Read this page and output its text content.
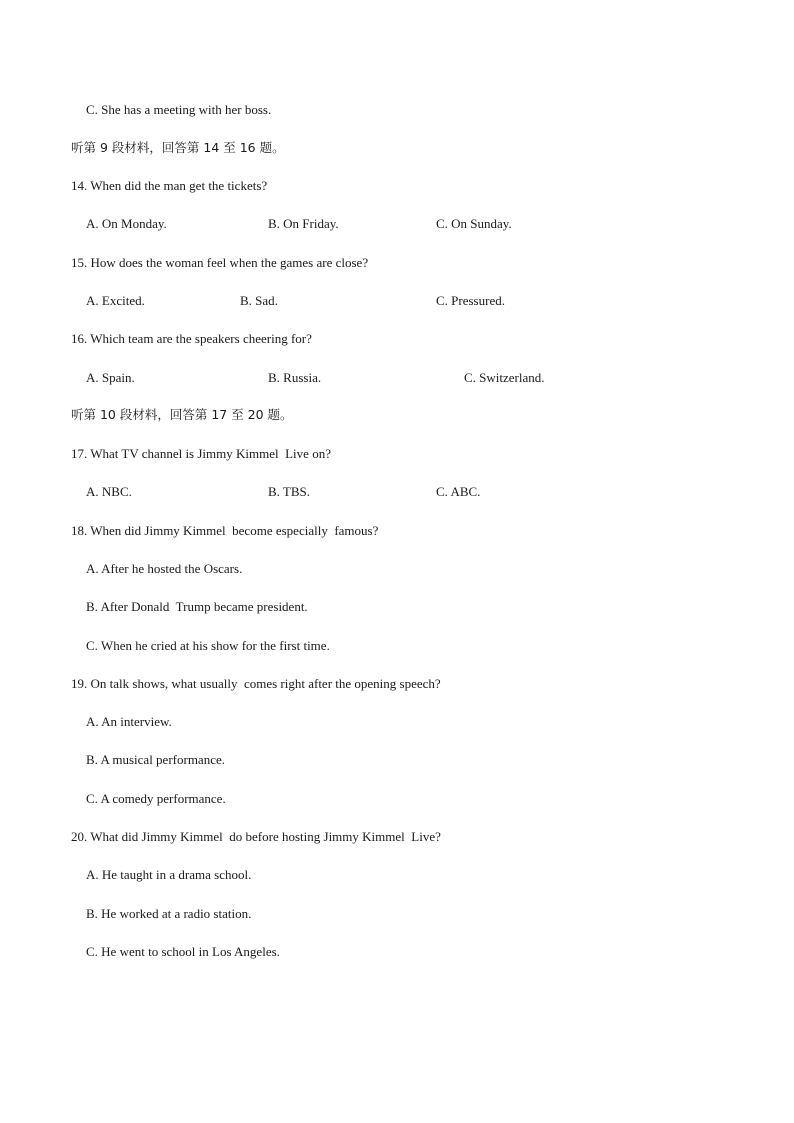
C. She has a meeting with her boss.
听第 9 段材料，回答第 14 至 16 题。
14. When did the man get the tickets?
A. On Monday.	B. On Friday.	C. On Sunday.
15. How does the woman feel when the games are close?
A. Excited.	B. Sad.	C. Pressured.
16. Which team are the speakers cheering for?
A. Spain.	B. Russia.	C. Switzerland.
听第 10 段材料，回答第 17 至 20 题。
17. What TV channel is Jimmy Kimmel  Live on?
A. NBC.	B. TBS.	C. ABC.
18. When did Jimmy Kimmel  become especially  famous?
A. After he hosted the Oscars.
B. After Donald  Trump became president.
C. When he cried at his show for the first time.
19. On talk shows, what usually  comes right after the opening speech?
A. An interview.
B. A musical performance.
C. A comedy performance.
20. What did Jimmy Kimmel  do before hosting Jimmy Kimmel  Live?
A. He taught in a drama school.
B. He worked at a radio station.
C. He went to school in Los Angeles.
